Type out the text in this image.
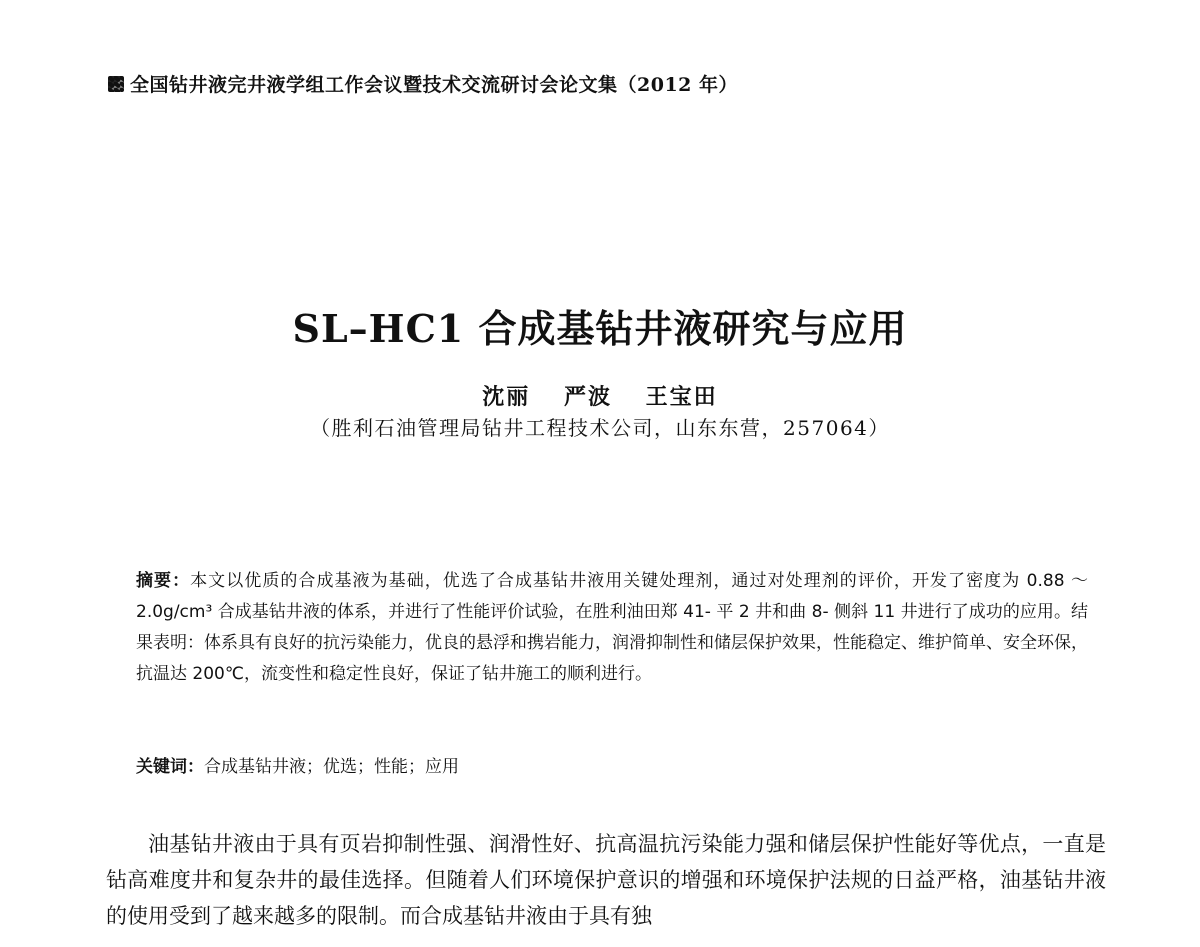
全国钻井液完井液学组工作会议暨技术交流研讨会论文集（2012 年）
SL–HC1 合成基钻井液研究与应用
沈丽 严波 王宝田
（胜利石油管理局钻井工程技术公司，山东东营，257064）
摘要：本文以优质的合成基液为基础，优选了合成基钻井液用关键处理剂，通过对处理剂的评价，开发了密度为 0.88 ～ 2.0g/cm³ 合成基钻井液的体系，并进行了性能评价试验，在胜利油田郑 41- 平 2 井和曲 8- 侧斜 11 井进行了成功的应用。结果表明：体系具有良好的抗污染能力，优良的悬浮和携岩能力，润滑抑制性和储层保护效果，性能稳定、维护简单、安全环保，抗温达 200℃，流变性和稳定性良好，保证了钻井施工的顺利进行。
关键词：合成基钻井液；优选；性能；应用
油基钻井液由于具有页岩抑制性强、润滑性好、抗高温抗污染能力强和储层保护性能好等优点，一直是钻高难度井和复杂井的最佳选择。但随着人们环境保护意识的增强和环境保护法规的日益严格，油基钻井液的使用受到了越来越多的限制。而合成基钻井液由于具有独
